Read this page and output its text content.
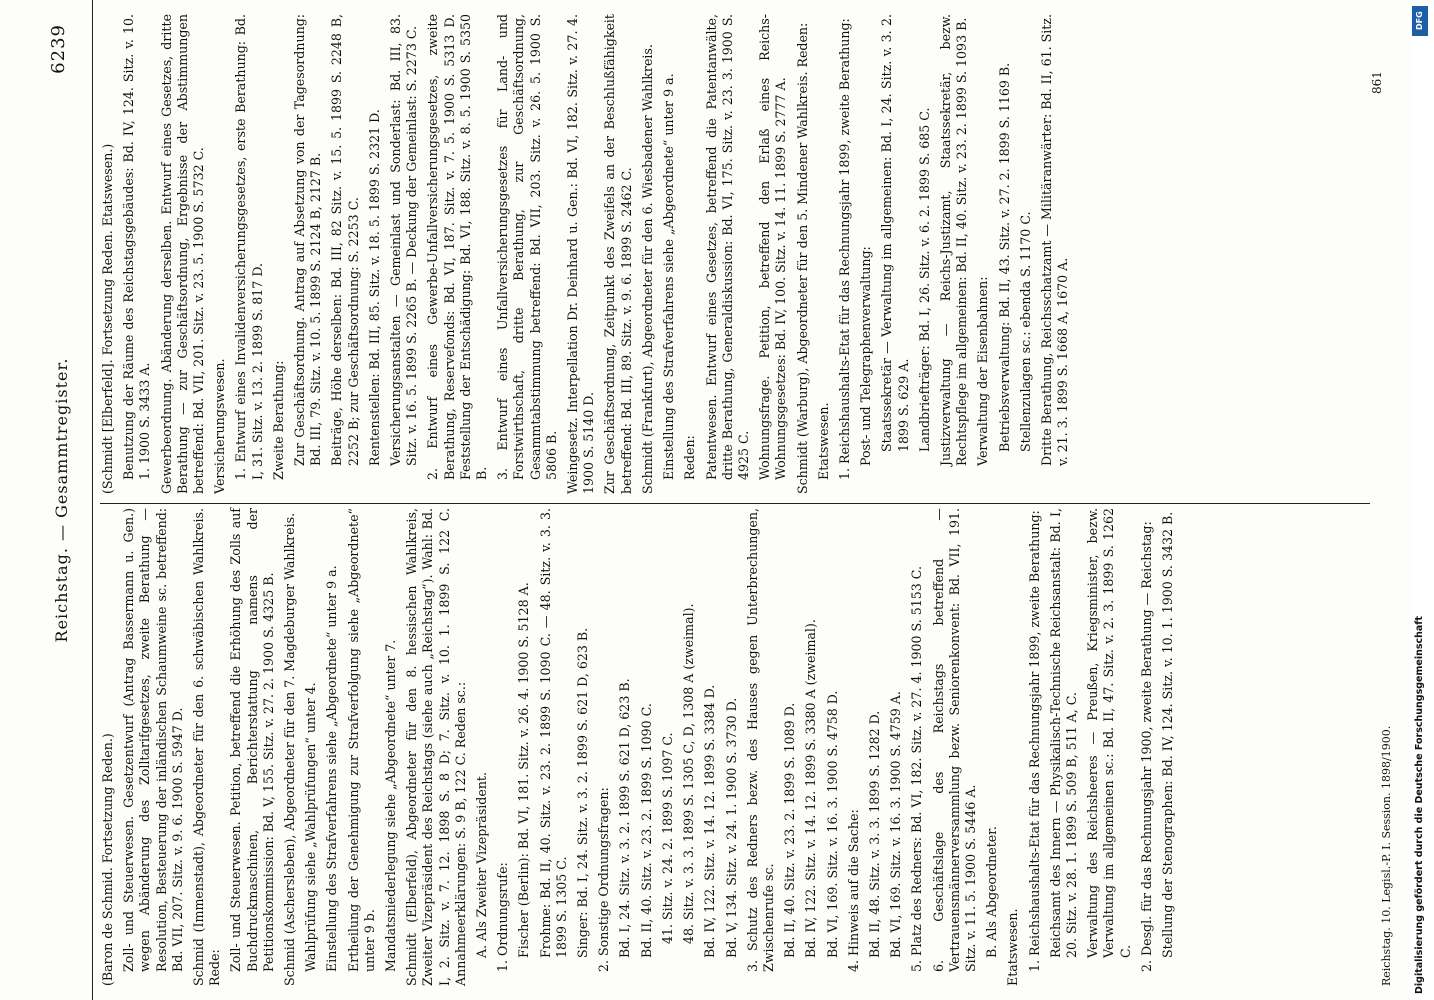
Reichstag. — Gesammtregister.
6239

(Baron de Schmid. Fortsetzung Reden.) Zoll- und Steuerwesen. Gesetzentwurf (Antrag Bassermann u. Gen.) wegen Abänderung des Zolltarifgesetzes, zweite Berathung — Resolution, Besteuerung der inländischen Schaumweine sc. betreffend: Bd. VII, 207. Sitz. v. 9. 6. 1900 S. 5947 D. Schmid (Immenstadt), Abgeordneter für den 6. schwäbischen Wahlkreis. Rede: Zoll- und Steuerwesen. Petition, betreffend die Erhöhung des Zolls auf Buchdruckmaschinen, Berichterstattung namens der Petitionskommission: Bd. V, 155. Sitz. v. 27. 2. 1900 S. 4325 B. Schmid (Aschersleben), Abgeordneter für den 7. Magdeburger Wahlkreis. Wahlprüfung siehe „Wahlprüfungen“ unter 4. Einstellung des Strafverfahrens siehe „Abgeordnete“ unter 9 a. Ertheilung der Genehmigung zur Strafverfolgung siehe „Abgeordnete“ unter 9 b. Mandatsniederlegung siehe „Abgeordnete“ unter 7. Schmidt (Elberfeld), Abgeordneter für den 8. hessischen Wahlkreis, Zweiter Vizepräsident des Reichstags (siehe auch „Reichstag“). Wahl: Bd. I, 2. Sitz. v. 7. 12. 1898 S. 8 D; 7. Sitz. v. 10. 1. 1899 S. 122 C. Annahmeerklärungen: S. 9 B, 122 C. Reden sc.: A. Als Zweiter Vizepräsident. 1. Ordnungsrufe: Fischer (Berlin): Bd. VI, 181. Sitz. v. 26. 4. 1900 S. 5128 A. Frohme: Bd. II, 40. Sitz. v. 23. 2. 1899 S. 1090 C. — 48. Sitz. v. 3. 3. 1899 S. 1305 C. Singer: Bd. I, 24. Sitz. v. 3. 2. 1899 S. 621 D, 623 B. 2. Sonstige Ordnungsfragen: Bd. I, 24. Sitz. v. 3. 2. 1899 S. 621 D, 623 B. Bd. II, 40. Sitz. v. 23. 2. 1899 S. 1090 C. 41. Sitz. v. 24. 2. 1899 S. 1097 C. 48. Sitz. v. 3. 3. 1899 S. 1305 C, D, 1308 A (zweimal). Bd. IV, 122. Sitz. v. 14. 12. 1899 S. 3384 D. Bd. V, 134. Sitz. v. 24. 1. 1900 S. 3730 D. 3. Schutz des Redners bezw. des Hauses gegen Unterbrechungen, Zwischenrufe sc. Bd. II, 40. Sitz. v. 23. 2. 1899 S. 1089 D. Bd. IV, 122. Sitz. v. 14. 12. 1899 S. 3380 A (zweimal). Bd. VI, 169. Sitz. v. 16. 3. 1900 S. 4758 D. 4. Hinweis auf die Sache: Bd. II, 48. Sitz. v. 3. 3. 1899 S. 1282 D. Bd. VI, 169. Sitz. v. 16. 3. 1900 S. 4759 A. 5. Platz des Redners: Bd. VI, 182. Sitz. v. 27. 4. 1900 S. 5153 C. 6. Geschäftslage des Reichstags betreffend — Vertrauensmännerversammlung bezw. Seniorenkonvent: Bd. VII, 191. Sitz. v. 11. 5. 1900 S. 5446 A. B. Als Abgeordneter. Etatswesen. 1. Reichshaushalts-Etat für das Rechnungsjahr 1899, zweite Berathung: Reichsamt des Innern — Physikalisch-Technische Reichsanstalt: Bd. I, 20. Sitz. v. 28. 1. 1899 S. 509 B, 511 A, C. Verwaltung des Reichsheeres — Preußen, Kriegsminister, bezw. Verwaltung im allgemeinen sc.: Bd. II, 47. Sitz. v. 2. 3. 1899 S. 1262 C. 2. Desgl. für das Rechnungsjahr 1900, zweite Berathung — Reichstag: Stellung der Stenographen: Bd. IV, 124. Sitz. v. 10. 1. 1900 S. 3432 B.

(Schmidt [Elberfeld]. Fortsetzung Reden. Etatswesen.) Benutzung der Räume des Reichstagsgebäudes: Bd. IV, 124. Sitz. v. 10. 1. 1900 S. 3433 A. Gewerbeordnung. Abänderung derselben. Entwurf eines Gesetzes, dritte Berathung — zur Geschäftsordnung, Ergebnisse der Abstimmungen betreffend: Bd. VII, 201. Sitz. v. 23. 5. 1900 S. 5732 C. Versicherungswesen. 1. Entwurf eines Invalidenversicherungsgesetzes, erste Berathung: Bd. I, 31. Sitz. v. 13. 2. 1899 S. 817 D. Zweite Berathung: Zur Geschäftsordnung. Antrag auf Absetzung von der Tagesordnung: Bd. III, 79. Sitz. v. 10. 5. 1899 S. 2124 B, 2127 B. Beiträge, Höhe derselben: Bd. III, 82 Sitz. v. 15. 5. 1899 S. 2248 B, 2252 B; zur Geschäftsordnung: S. 2253 C. Rentenstellen: Bd. III, 85. Sitz. v. 18. 5. 1899 S. 2321 D. Versicherungsanstalten — Gemeinlast und Sonderlast: Bd. III, 83. Sitz. v. 16. 5. 1899 S. 2265 B. — Deckung der Gemeinlast: S. 2273 C. 2. Entwurf eines Gewerbe-Unfallversicherungsgesetzes, zweite Berathung, Reservefonds: Bd. VI, 187. Sitz. v. 7. 5. 1900 S. 5313 D. Feststellung der Entschädigung: Bd. VI, 188. Sitz. v. 8. 5. 1900 S. 5350 B. 3. Entwurf eines Unfallversicherungsgesetzes für Land- und Forstwirthschaft, dritte Berathung, zur Geschäftsordnung, Gesammtabstimmung betreffend: Bd. VII, 203. Sitz. v. 26. 5. 1900 S. 5806 B. Weingesetz. Interpellation Dr. Deinhard u. Gen.: Bd. VI, 182. Sitz. v. 27. 4. 1900 S. 5140 D. Zur Geschäftsordnung, Zeitpunkt des Zweifels an der Beschlußfähigkeit betreffend: Bd. III, 89. Sitz. v. 9. 6. 1899 S. 2462 C. Schmidt (Frankfurt), Abgeordneter für den 6. Wiesbadener Wahlkreis. Einstellung des Strafverfahrens siehe „Abgeordnete“ unter 9 a. Reden: Patentwesen. Entwurf eines Gesetzes, betreffend die Patentanwälte, dritte Berathung, Generaldiskussion: Bd. VI, 175. Sitz. v. 23. 3. 1900 S. 4925 C. Wohnungsfrage. Petition, betreffend den Erlaß eines Reichs-Wohnungsgesetzes: Bd. IV, 100. Sitz. v. 14. 11. 1899 S. 2777 A. Schmidt (Warburg), Abgeordneter für den 5. Mindener Wahlkreis. Reden: Etatswesen. 1. Reichshaushalts-Etat für das Rechnungsjahr 1899, zweite Berathung: Post- und Telegraphenverwaltung: Staatssekretär — Verwaltung im allgemeinen: Bd. I, 24. Sitz. v. 3. 2. 1899 S. 629 A. Landbriefträger: Bd. I, 26. Sitz. v. 6. 2. 1899 S. 685 C. Justizverwaltung — Reichs-Justizamt, Staatssekretär, bezw. Rechtspflege im allgemeinen: Bd. II, 40. Sitz. v. 23. 2. 1899 S. 1093 B. Verwaltung der Eisenbahnen: Betriebsverwaltung: Bd. II, 43. Sitz. v. 27. 2. 1899 S. 1169 B. Stellenzulagen sc.: ebenda S. 1170 C. Dritte Berathung, Reichsschatzamt — Militäranwärter: Bd. II, 61. Sitz. v. 21. 3. 1899 S. 1668 A, 1670 A.

Reichstag. 10. Legisl.-P. I. Session. 1898/1900.
861
DFG
Digitalisierung gefördert durch die Deutsche Forschungsgemeinschaft
